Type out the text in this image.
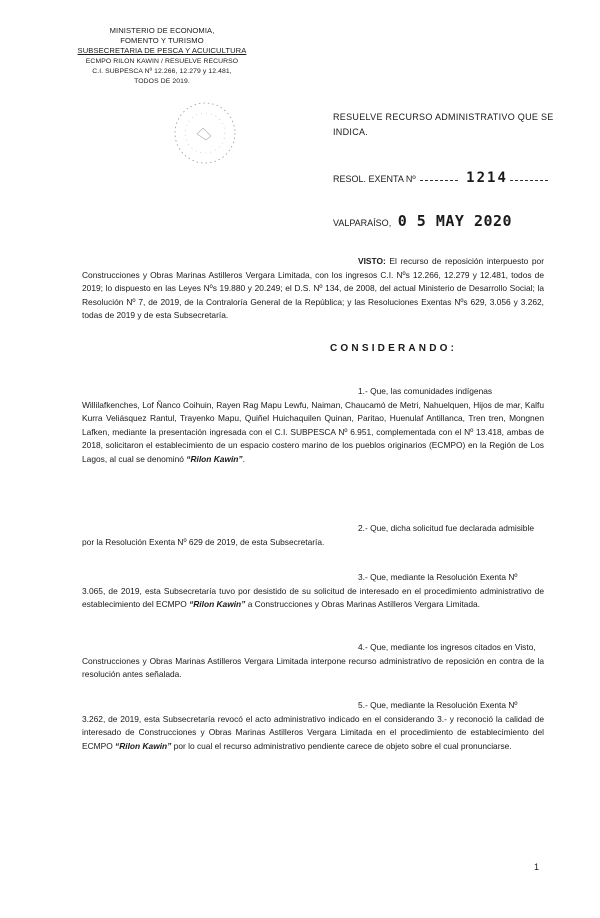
MINISTERIO DE ECONOMIA,
FOMENTO Y TURISMO
SUBSECRETARIA DE PESCA Y ACUICULTURA
ECMPO RILON KAWIN / RESUELVE RECURSO
C.I. SUBPESCA Nº 12.266, 12.279 y 12.481,
TODOS DE 2019.
RESUELVE RECURSO ADMINISTRATIVO QUE SE
INDICA.
RESOL. EXENTA Nº	1214
VALPARAÍSO, 0 5 MAY 2020
VISTO: El recurso de reposición interpuesto por Construcciones y Obras Marinas Astilleros Vergara Limitada, con los ingresos C.I. Nºs 12.266, 12.279 y 12.481, todos de 2019; lo dispuesto en las Leyes Nºs 19.880 y 20.249; el D.S. Nº 134, de 2008, del actual Ministerio de Desarrollo Social; la Resolución Nº 7, de 2019, de la Contraloría General de la República; y las Resoluciones Exentas Nºs 629, 3.056 y 3.262, todas de 2019 y de esta Subsecretaría.
CONSIDERANDO:
1.- Que, las comunidades indígenas
Willilafkenches, Lof Ñanco Coihuin, Rayen Rag Mapu Lewfu, Naiman, Chaucamó de Metri, Nahuelquen, Hijos de mar, Kalfu Kurra Veliásquez Rantul, Trayenko Mapu, Quiñel Huichaquilen Quinan, Paritao, Huenulaf Antillanca, Tren tren, Mongnen Lafken, mediante la presentación ingresada con el C.I. SUBPESCA Nº 6.951, complementada con el Nº 13.418, ambas de 2018, solicitaron el establecimiento de un espacio costero marino de los pueblos originarios (ECMPO) en la Región de Los Lagos, al cual se denominó “Rilon Kawin”.
2.- Que, dicha solicitud fue declarada admisible
por la Resolución Exenta Nº 629 de 2019, de esta Subsecretaría.
3.- Que, mediante la Resolución Exenta Nº
3.065, de 2019, esta Subsecretaría tuvo por desistido de su solicitud de interesado en el procedimiento administrativo de establecimiento del ECMPO “Rilon Kawin” a Construcciones y Obras Marinas Astilleros Vergara Limitada.
4.- Que, mediante los ingresos citados en Visto,
Construcciones y Obras Marinas Astilleros Vergara Limitada interpone recurso administrativo de reposición en contra de la resolución antes señalada.
5.- Que, mediante la Resolución Exenta Nº
3.262, de 2019, esta Subsecretaría revocó el acto administrativo indicado en el considerando 3.- y reconoció la calidad de interesado de Construcciones y Obras Marinas Astilleros Vergara Limitada en el procedimiento de establecimiento del ECMPO “Rilon Kawin” por lo cual el recurso administrativo pendiente carece de objeto sobre el cual pronunciarse.
1
